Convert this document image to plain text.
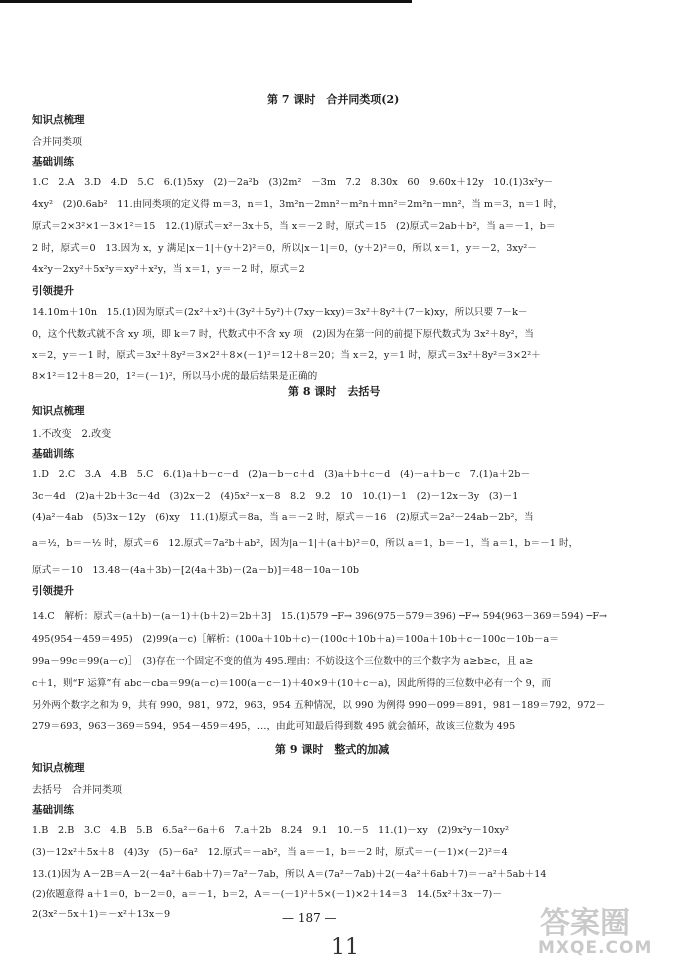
第 7 课时　合并同类项(2)
知识点梳理
合并同类项
基础训练
1.C　2.A　3.D　4.D　5.C　6.(1)5xy　(2)－2a²b　(3)2m²　－3m　7.2　8.30x　60　9.60x＋12y　10.(1)3x²y－
4xy²　(2)0.6ab²　11.由同类项的定义得 m＝3，n＝1，3m²n－2mn²－m²n＋mn²＝2m²n－mn²，当 m＝3，n＝1 时，
原式＝2×3²×1－3×1²＝15　12.(1)原式＝x²－3x＋5，当 x＝－2 时，原式＝15　(2)原式＝2ab＋b²，当 a＝－1，b＝
2 时，原式＝0　13.因为 x，y 满足|x－1|＋(y＋2)²＝0，所以|x－1|＝0，(y＋2)²＝0，所以 x＝1，y＝－2，3xy²－
4x²y－2xy²＋5x²y＝xy²＋x²y，当 x＝1，y＝－2 时，原式＝2
引领提升
14.10m＋10n　15.(1)因为原式＝(2x²＋x²)＋(3y²＋5y²)＋(7xy－kxy)＝3x²＋8y²＋(7－k)xy，所以只要 7－k－
0，这个代数式就不含 xy 项，即 k＝7 时，代数式中不含 xy 项　(2)因为在第一问的前提下原代数式为 3x²＋8y²，当
x＝2，y＝－1 时，原式＝3x²＋8y²＝3×2²＋8×(－1)²＝12＋8＝20；当 x＝2，y＝1 时，原式＝3x²＋8y²＝3×2²＋
8×1²＝12＋8＝20，1²＝(－1)²，所以马小虎的最后结果是正确的
第 8 课时　去括号
知识点梳理
1.不改变　2.改变
基础训练
1.D　2.C　3.A　4.B　5.C　6.(1)a＋b－c－d　(2)a－b－c＋d　(3)a＋b＋c－d　(4)－a＋b－c　7.(1)a＋2b－
3c－4d　(2)a＋2b＋3c－4d　(3)2x－2　(4)5x²－x－8　8.2　9.2　10　10.(1)－1　(2)－12x－3y　(3)－1
(4)a²－4ab　(5)3x－12y　(6)xy　11.(1)原式＝8a，当 a＝－2 时，原式＝－16　(2)原式＝2a²－24ab－2b²，当
a＝½，b＝－½ 时，原式＝6　12.原式＝7a²b＋ab²，因为|a－1|＋(a＋b)²＝0，所以 a＝1，b＝－1，当 a＝1，b＝－1 时，
原式＝－10　13.48－(4a＋3b)－[2(4a＋3b)－(2a－b)]＝48－10a－10b
引领提升
14.C　解析：原式＝(a＋b)－(a－1)＋(b＋2)＝2b＋3]　15.(1)579 ─F→ 396(975－579＝396) ─F→ 594(963－369＝594) ─F→
495(954－459＝495)　(2)99(a－c)［解析：(100a＋10b＋c)－(100c＋10b＋a)＝100a＋10b＋c－100c－10b－a＝
99a－99c＝99(a－c)］　(3)存在一个固定不变的值为 495.理由：不妨设这个三位数中的三个数字为 a≥b≥c，且 a≥
c＋1，则“F 运算”有 abc－cba＝99(a－c)＝100(a－c－1)＋40×9＋(10＋c－a)，因此所得的三位数中必有一个 9，而
另外两个数字之和为 9，共有 990，981，972，963，954 五种情况，以 990 为例得 990－099＝891，981－189＝792，972－
279＝693，963－369＝594，954－459＝495，…，由此可知最后得到数 495 就会循环，故该三位数为 495
第 9 课时　整式的加减
知识点梳理
去括号　合并同类项
基础训练
1.B　2.B　3.C　4.B　5.B　6.5a²－6a＋6　7.a＋2b　8.24　9.1　10.－5　11.(1)－xy　(2)9x²y－10xy²
(3)－12x²＋5x＋8　(4)3y　(5)－6a²　12.原式＝－ab²，当 a＝－1，b＝－2 时，原式＝－(－1)×(－2)²＝4
13.(1)因为 A－2B＝A－2(－4a²＋6ab＋7)＝7a²－7ab，所以 A＝(7a²－7ab)＋2(－4a²＋6ab＋7)＝－a²＋5ab＋14
(2)依题意得 a＋1＝0，b－2＝0，a＝－1，b＝2，A＝－(－1)²＋5×(－1)×2＋14＝3　14.(5x²＋3x－7)－
2(3x²－5x＋1)＝－x²＋13x－9	— 187 —
11
答案圈
MXQE.COM
